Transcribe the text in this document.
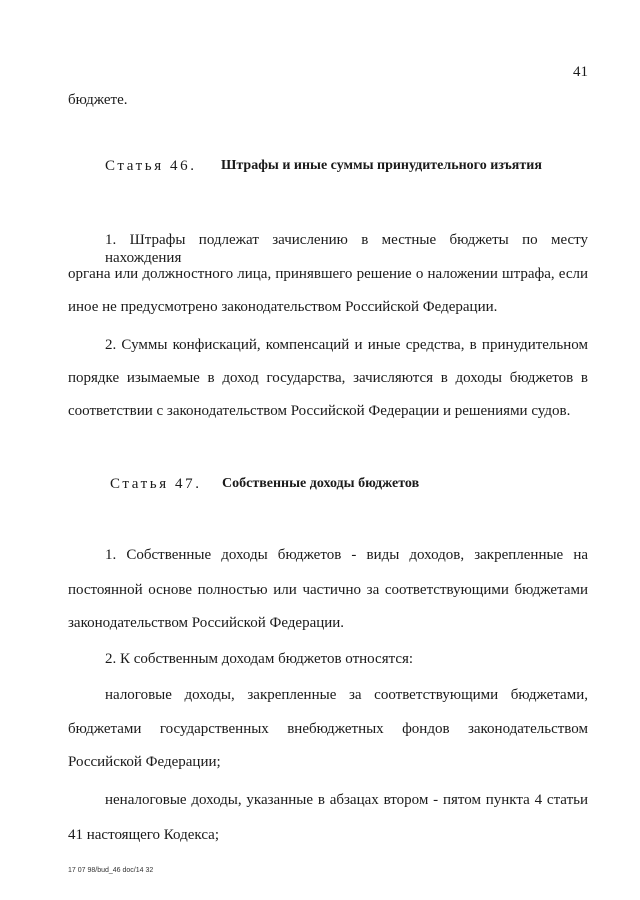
41
бюджете.
Статья 46. Штрафы и иные суммы принудительного изъятия
1. Штрафы подлежат зачислению в местные бюджеты по месту нахождения
органа или должностного лица, принявшего решение о наложении штрафа, если
иное не предусмотрено законодательством Российской Федерации.
2. Суммы конфискаций, компенсаций и иные средства, в принудительном
порядке изымаемые в доход государства, зачисляются в доходы бюджетов в
соответствии с законодательством Российской Федерации и решениями судов.
Статья 47. Собственные доходы бюджетов
1. Собственные доходы бюджетов - виды доходов, закрепленные на
постоянной основе полностью или частично за соответствующими бюджетами
законодательством Российской Федерации.
2. К собственным доходам бюджетов относятся:
налоговые доходы, закрепленные за соответствующими бюджетами,
бюджетами государственных внебюджетных фондов законодательством
Российской Федерации;
неналоговые доходы, указанные в абзацах втором - пятом пункта 4 статьи
41 настоящего Кодекса;
17 07 98/bud_46 doc/14 32
